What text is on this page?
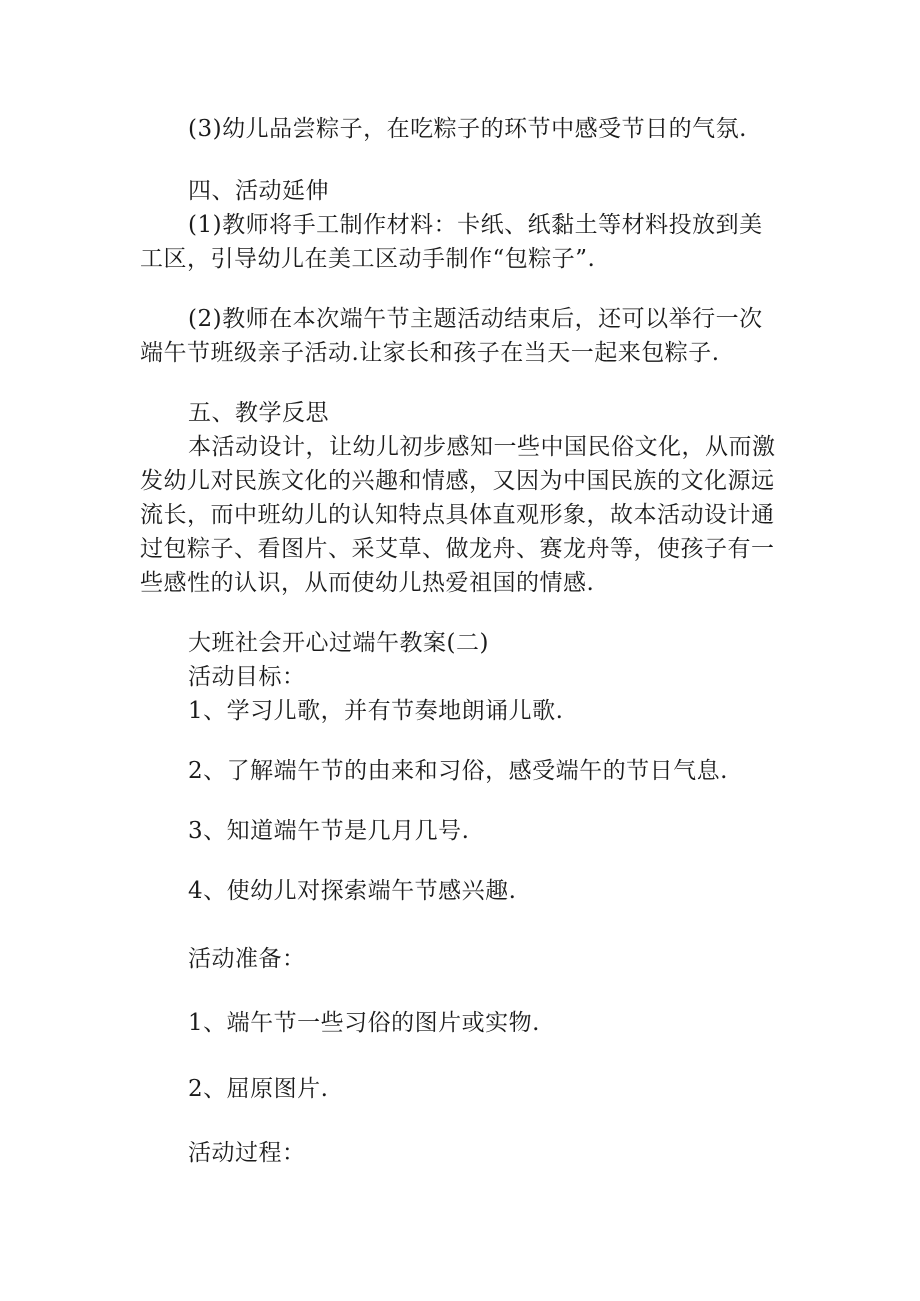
(3)幼儿品尝粽子，在吃粽子的环节中感受节日的气氛.
四、活动延伸
(1)教师将手工制作材料：卡纸、纸黏土等材料投放到美
工区，引导幼儿在美工区动手制作“包粽子”.
(2)教师在本次端午节主题活动结束后，还可以举行一次
端午节班级亲子活动.让家长和孩子在当天一起来包粽子.
五、教学反思
本活动设计，让幼儿初步感知一些中国民俗文化，从而激
发幼儿对民族文化的兴趣和情感，又因为中国民族的文化源远
流长，而中班幼儿的认知特点具体直观形象，故本活动设计通
过包粽子、看图片、采艾草、做龙舟、赛龙舟等，使孩子有一
些感性的认识，从而使幼儿热爱祖国的情感.
大班社会开心过端午教案(二)
活动目标：
1、学习儿歌，并有节奏地朗诵儿歌.
2、了解端午节的由来和习俗，感受端午的节日气息.
3、知道端午节是几月几号.
4、使幼儿对探索端午节感兴趣.
活动准备：
1、端午节一些习俗的图片或实物.
2、屈原图片.
活动过程：
